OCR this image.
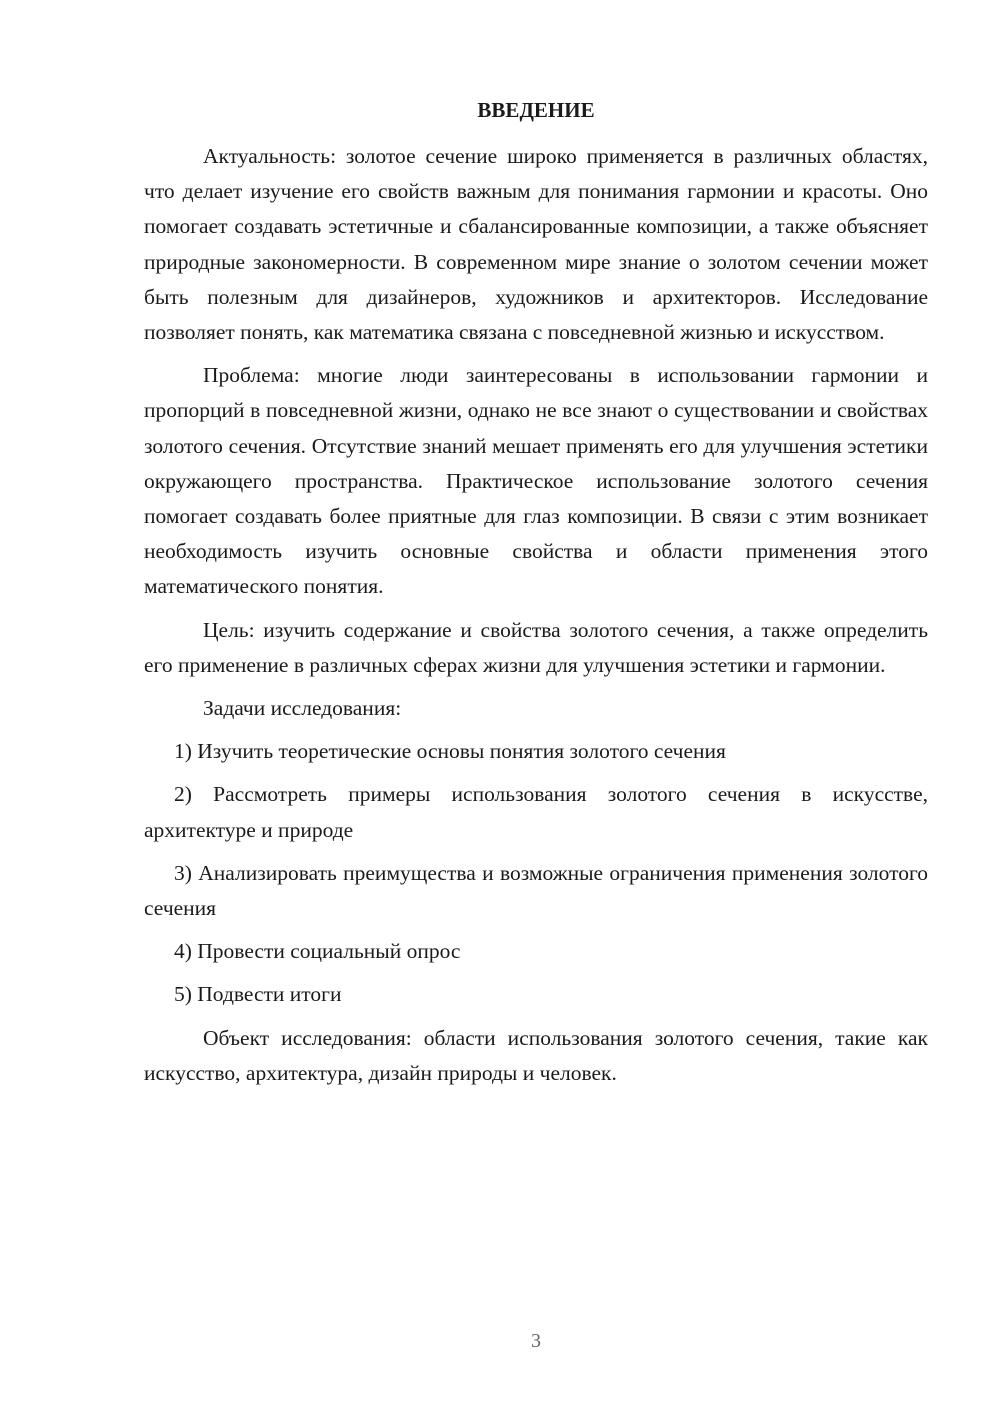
ВВЕДЕНИЕ

Актуальность: золотое сечение широко применяется в различных областях, что делает изучение его свойств важным для понимания гармонии и красоты. Оно помогает создавать эстетичные и сбалансированные композиции, а также объясняет природные закономерности. В современном мире знание о золотом сечении может быть полезным для дизайнеров, художников и архитекторов. Исследование позволяет понять, как математика связана с повседневной жизнью и искусством.

Проблема: многие люди заинтересованы в использовании гармонии и пропорций в повседневной жизни, однако не все знают о существовании и свойствах золотого сечения. Отсутствие знаний мешает применять его для улучшения эстетики окружающего пространства. Практическое использование золотого сечения помогает создавать более приятные для глаз композиции. В связи с этим возникает необходимость изучить основные свойства и области применения этого математического понятия.

Цель: изучить содержание и свойства золотого сечения, а также определить его применение в различных сферах жизни для улучшения эстетики и гармонии.

Задачи исследования:

1) Изучить теоретические основы понятия золотого сечения

2) Рассмотреть примеры использования золотого сечения в искусстве, архитектуре и природе

3) Анализировать преимущества и возможные ограничения применения золотого сечения

4) Провести социальный опрос

5) Подвести итоги

Объект исследования: области использования золотого сечения, такие как искусство, архитектура, дизайн природы и человек.

3
